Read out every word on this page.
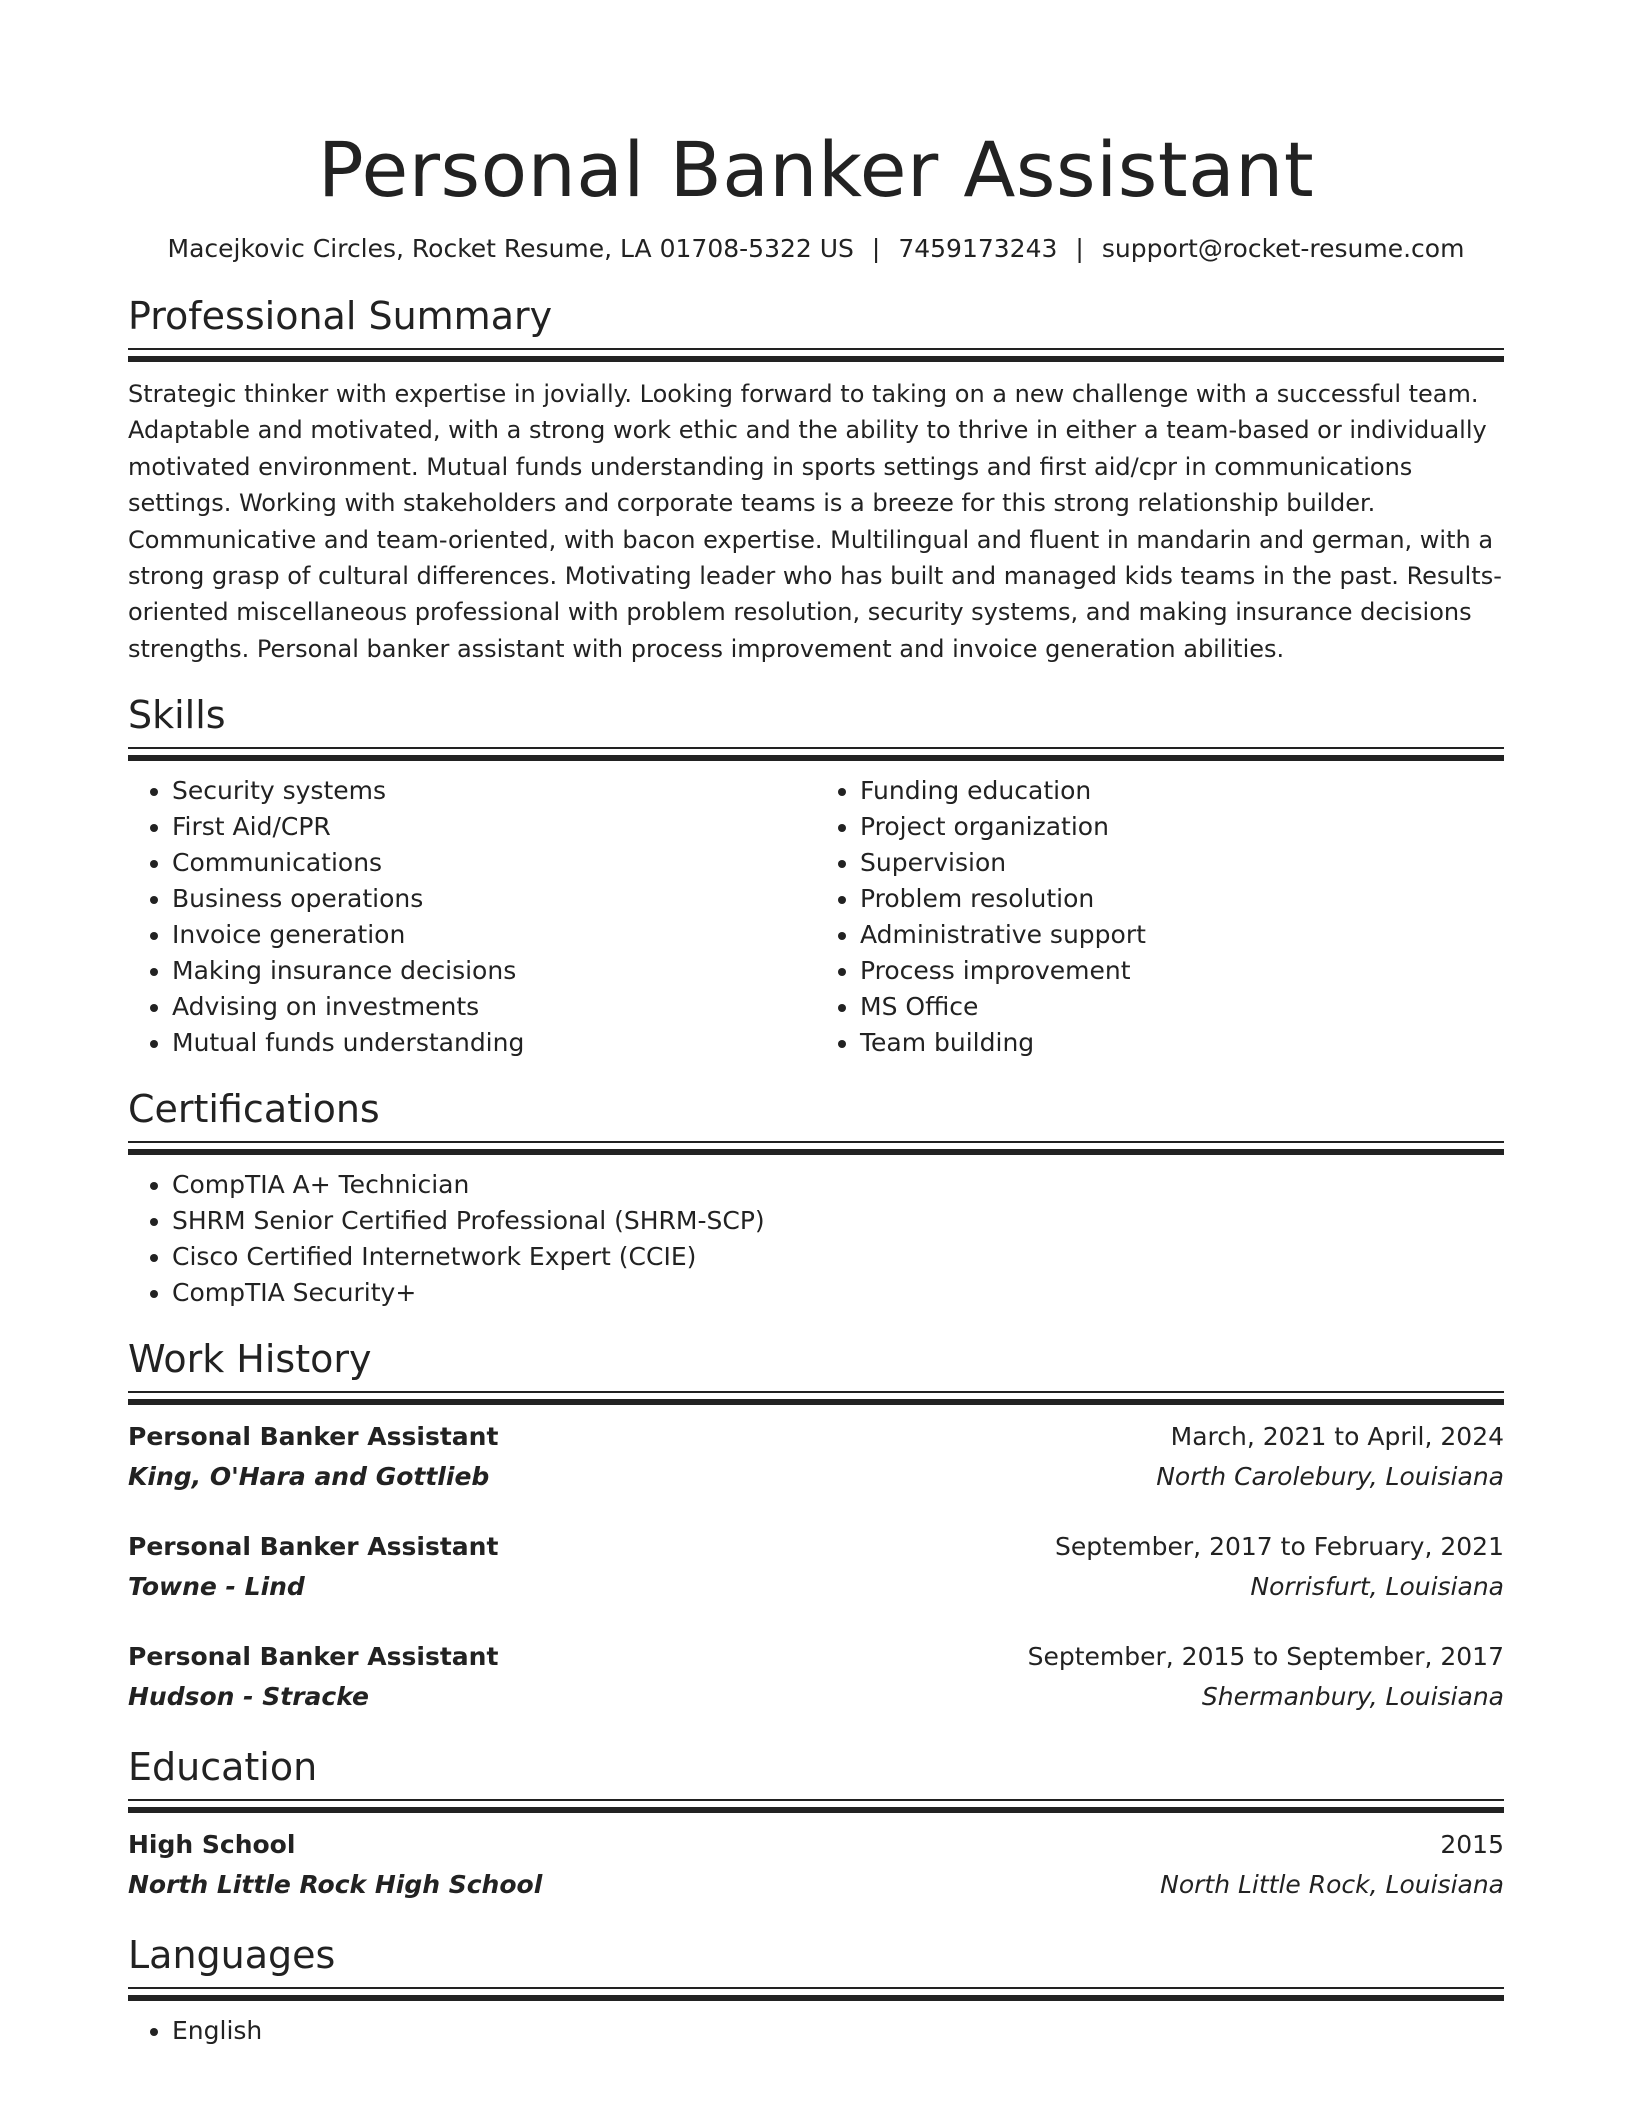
Personal Banker Assistant
Macejkovic Circles, Rocket Resume, LA 01708-5322 US | 7459173243 | support@rocket-resume.com
Professional Summary
Strategic thinker with expertise in jovially. Looking forward to taking on a new challenge with a successful team. Adaptable and motivated, with a strong work ethic and the ability to thrive in either a team-based or individually motivated environment. Mutual funds understanding in sports settings and first aid/cpr in communications settings. Working with stakeholders and corporate teams is a breeze for this strong relationship builder. Communicative and team-oriented, with bacon expertise. Multilingual and fluent in mandarin and german, with a strong grasp of cultural differences. Motivating leader who has built and managed kids teams in the past. Results-oriented miscellaneous professional with problem resolution, security systems, and making insurance decisions strengths. Personal banker assistant with process improvement and invoice generation abilities.
Skills
• Security systems
• First Aid/CPR
• Communications
• Business operations
• Invoice generation
• Making insurance decisions
• Advising on investments
• Mutual funds understanding
• Funding education
• Project organization
• Supervision
• Problem resolution
• Administrative support
• Process improvement
• MS Office
• Team building
Certifications
• CompTIA A+ Technician
• SHRM Senior Certified Professional (SHRM-SCP)
• Cisco Certified Internetwork Expert (CCIE)
• CompTIA Security+
Work History
Personal Banker Assistant	March, 2021 to April, 2024
King, O'Hara and Gottlieb	North Carolebury, Louisiana
Personal Banker Assistant	September, 2017 to February, 2021
Towne - Lind	Norrisfurt, Louisiana
Personal Banker Assistant	September, 2015 to September, 2017
Hudson - Stracke	Shermanbury, Louisiana
Education
High School	2015
North Little Rock High School	North Little Rock, Louisiana
Languages
• English
